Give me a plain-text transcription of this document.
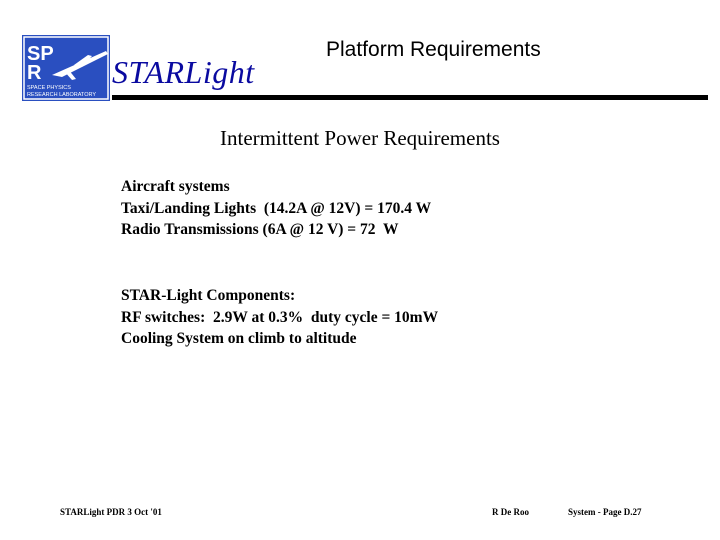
SP
R
SPACE PHYSICS
RESEARCH LABORATORY
STARLight
Platform Requirements
Intermittent Power Requirements
Aircraft systems
Taxi/Landing Lights  (14.2A @ 12V) = 170.4 W
Radio Transmissions (6A @ 12 V) = 72  W
STAR-Light Components:
RF switches:  2.9W at 0.3%  duty cycle = 10mW
Cooling System on climb to altitude
STARLight PDR 3 Oct '01	R De Roo	System - Page D.27
